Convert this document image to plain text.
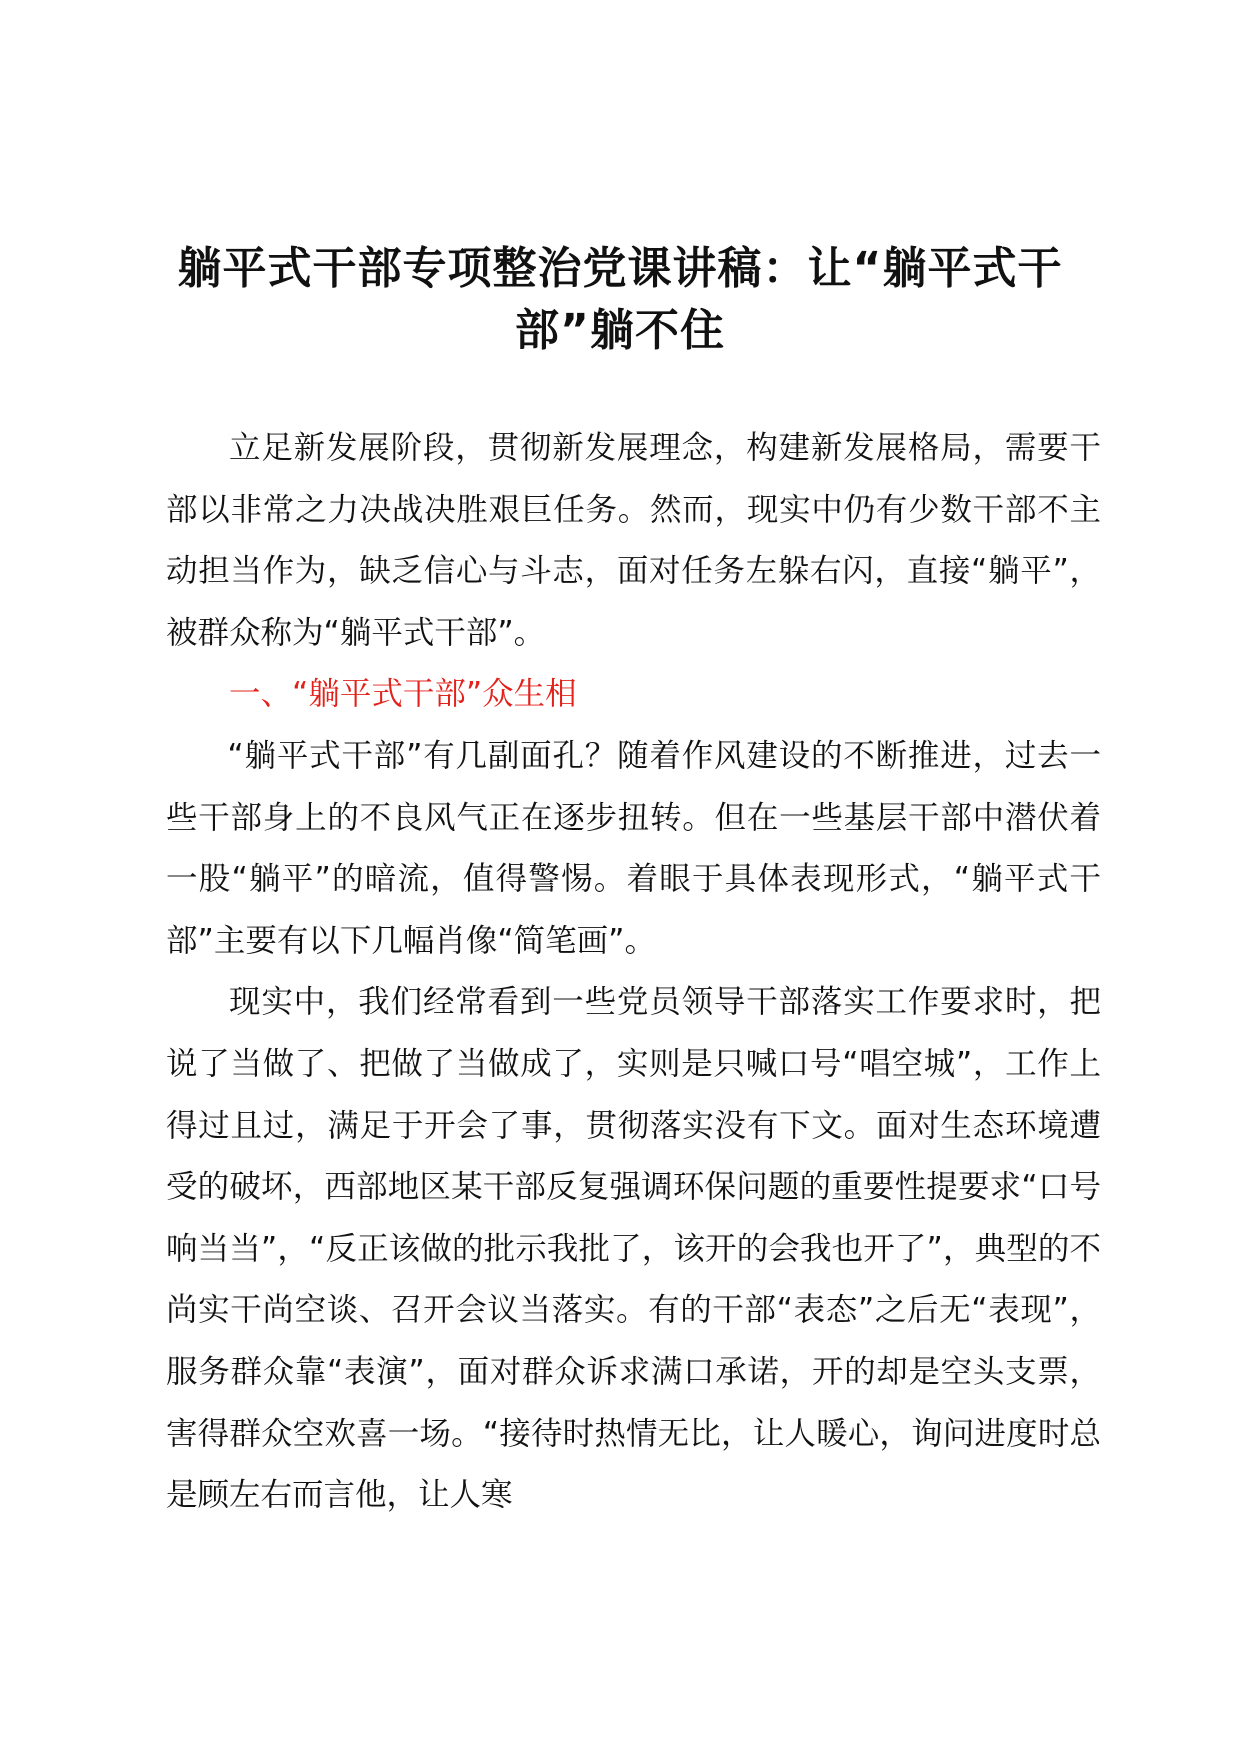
躺平式干部专项整治党课讲稿：让“躺平式干部”躺不住

立足新发展阶段，贯彻新发展理念，构建新发展格局，需要干部以非常之力决战决胜艰巨任务。然而，现实中仍有少数干部不主动担当作为，缺乏信心与斗志，面对任务左躲右闪，直接“躺平”，被群众称为“躺平式干部”。

一、“躺平式干部”众生相

“躺平式干部”有几副面孔？随着作风建设的不断推进，过去一些干部身上的不良风气正在逐步扭转。但在一些基层干部中潜伏着一股“躺平”的暗流，值得警惕。着眼于具体表现形式，“躺平式干部”主要有以下几幅肖像“简笔画”。

现实中，我们经常看到一些党员领导干部落实工作要求时，把说了当做了、把做了当做成了，实则是只喊口号“唱空城”，工作上得过且过，满足于开会了事，贯彻落实没有下文。面对生态环境遭受的破坏，西部地区某干部反复强调环保问题的重要性提要求“口号响当当”，“反正该做的批示我批了，该开的会我也开了”，典型的不尚实干尚空谈、召开会议当落实。有的干部“表态”之后无“表现”，服务群众靠“表演”，面对群众诉求满口承诺，开的却是空头支票，害得群众空欢喜一场。“接待时热情无比，让人暖心，询问进度时总是顾左右而言他，让人寒
